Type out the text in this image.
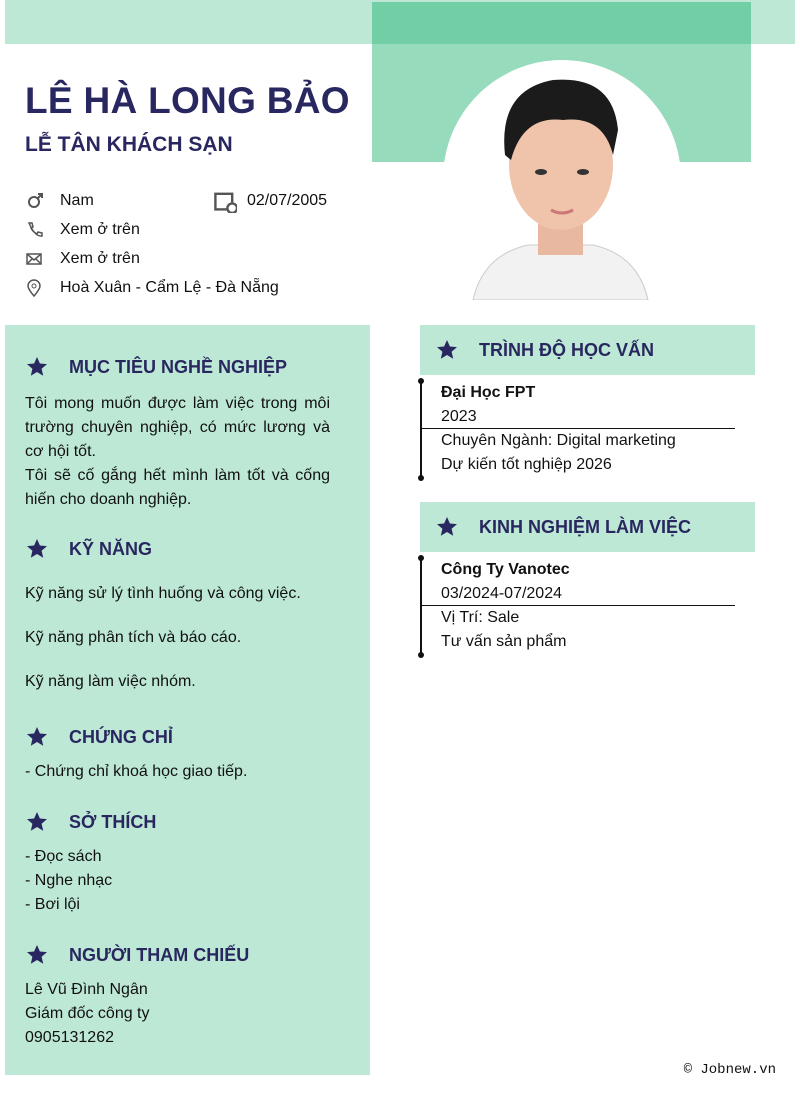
LÊ HÀ LONG BẢO
LỄ TÂN KHÁCH SẠN
Nam	02/07/2005
Xem ở trên
Xem ở trên
Hoà Xuân - Cẩm Lệ - Đà Nẵng
MỤC TIÊU NGHỀ NGHIỆP
Tôi mong muốn được làm việc trong môi trường chuyên nghiệp, có mức lương và cơ hội tốt.
Tôi sẽ cố gắng hết mình làm tốt và cống hiến cho doanh nghiệp.
KỸ NĂNG
Kỹ năng sử lý tình huống và công việc.
Kỹ năng phân tích và báo cáo.
Kỹ năng làm việc nhóm.
CHỨNG CHỈ
- Chứng chỉ khoá học giao tiếp.
SỞ THÍCH
- Đọc sách
- Nghe nhạc
- Bơi lội
NGƯỜI THAM CHIẾU
Lê Vũ Đình Ngân
Giám đốc công ty
0905131262
TRÌNH ĐỘ HỌC VẤN
Đại Học FPT
2023
Chuyên Ngành: Digital marketing
Dự kiến tốt nghiệp 2026
KINH NGHIỆM LÀM VIỆC
Công Ty Vanotec
03/2024-07/2024
Vị Trí: Sale
Tư vấn sản phẩm
© Jobnew.vn
